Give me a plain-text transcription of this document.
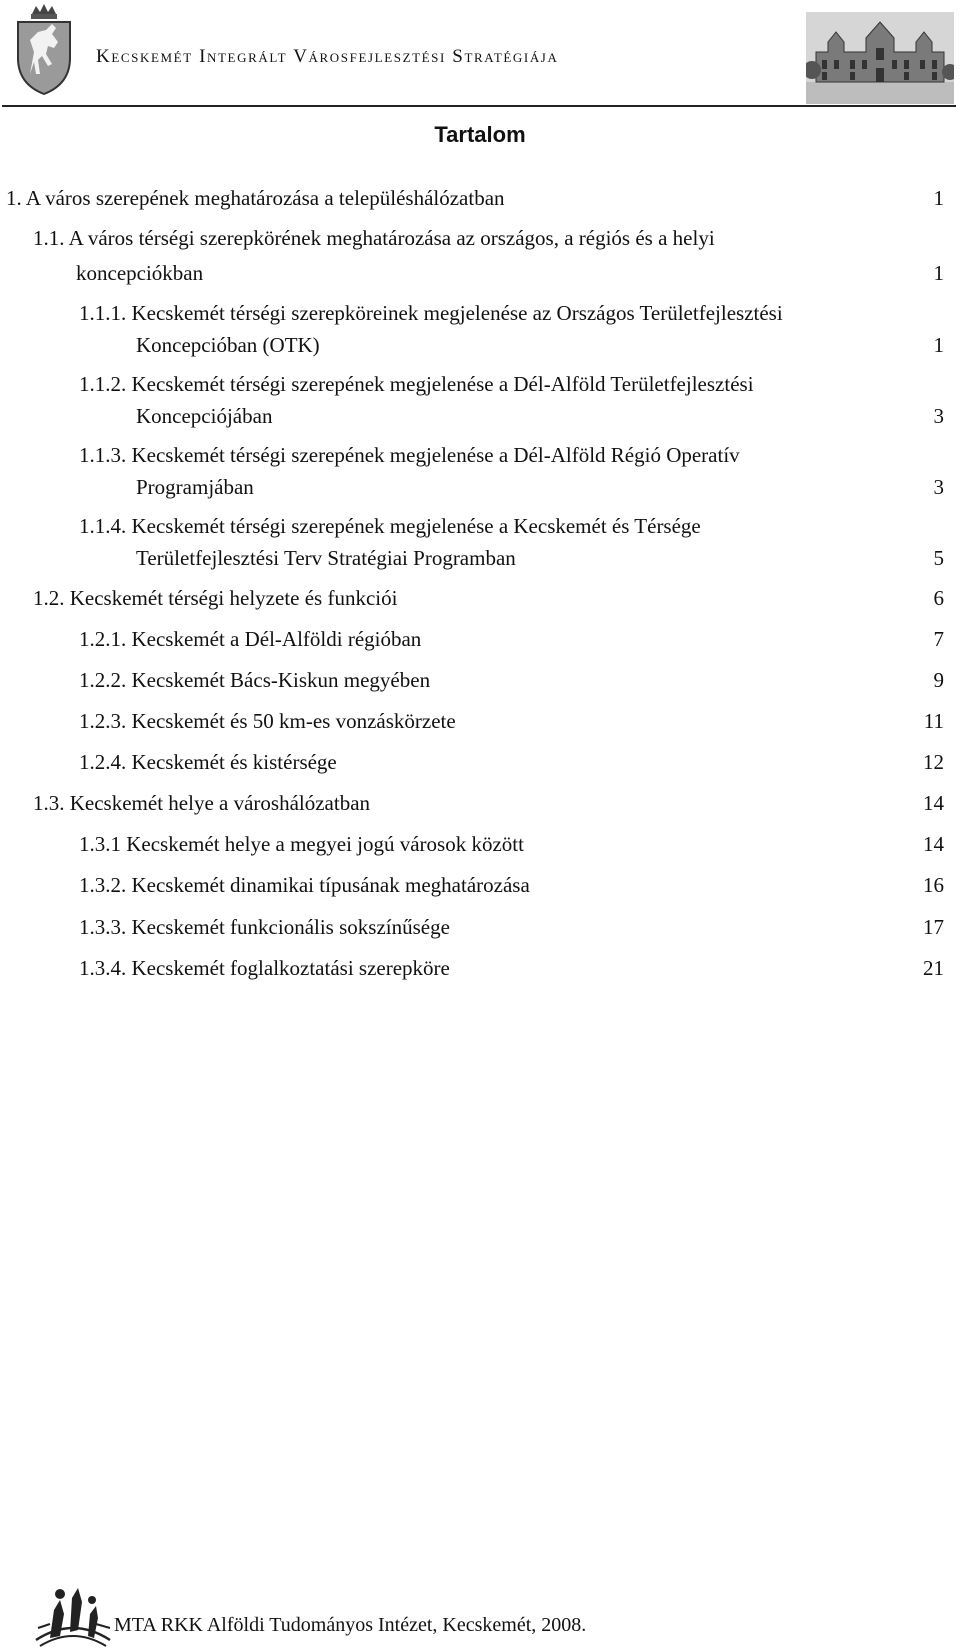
Kecskemét Integrált Városfejlesztési Stratégiája
Tartalom
1. A város szerepének meghatározása a településhálózatban	1
1.1. A város térségi szerepkörének meghatározása az országos, a régiós és a helyi
koncepciókban	1
1.1.1. Kecskemét térségi szerepköreinek megjelenése az Országos Területfejlesztési
Koncepcióban (OTK)	1
1.1.2. Kecskemét térségi szerepének megjelenése a Dél-Alföld Területfejlesztési
Koncepciójában	3
1.1.3. Kecskemét térségi szerepének megjelenése a Dél-Alföld Régió Operatív
Programjában	3
1.1.4. Kecskemét térségi szerepének megjelenése a Kecskemét és Térsége
Területfejlesztési Terv Stratégiai Programban	5
1.2. Kecskemét térségi helyzete és funkciói	6
1.2.1. Kecskemét a Dél-Alföldi régióban	7
1.2.2. Kecskemét Bács-Kiskun megyében	9
1.2.3. Kecskemét és 50 km-es vonzáskörzete	11
1.2.4. Kecskemét és kistérsége	12
1.3. Kecskemét helye a városhálózatban	14
1.3.1 Kecskemét helye a megyei jogú városok között	14
1.3.2. Kecskemét dinamikai típusának meghatározása	16
1.3.3. Kecskemét funkcionális sokszínűsége	17
1.3.4. Kecskemét foglalkoztatási szerepköre	21
MTA RKK Alföldi Tudományos Intézet, Kecskemét, 2008.
